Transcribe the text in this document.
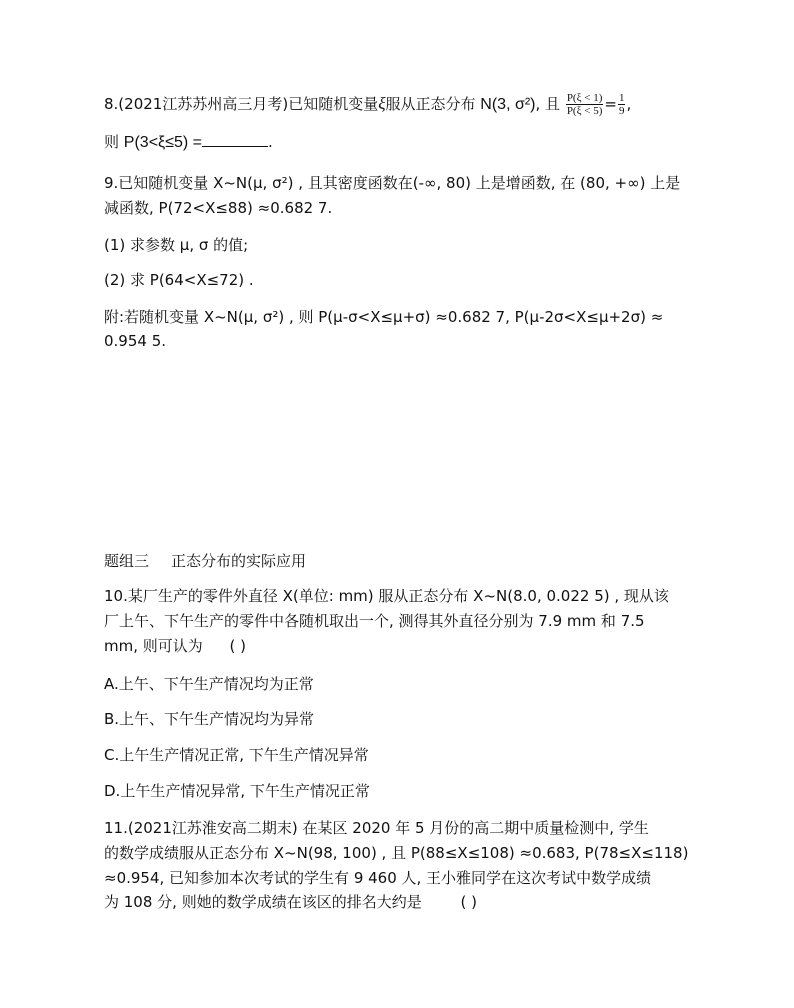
8.(2021江苏苏州高三月考)已知随机变量ξ服从正态分布 N(3, σ²), 且 $\frac{P(\xi < 1)}{P(\xi < 5)} = \frac{1}{9}$ ,
则 P(3<ξ≤5) =	.
9.已知随机变量 X~N(μ, σ²) , 且其密度函数在(-∞, 80) 上是增函数, 在 (80, +∞) 上是
减函数, P(72<X≤88) ≈0.682 7.
(1) 求参数 μ, σ 的值;
(2) 求 P(64<X≤72) .
附:若随机变量 X~N(μ, σ²) , 则 P(μ-σ<X≤μ+σ) ≈0.682 7, P(μ-2σ<X≤μ+2σ) ≈
0.954 5.
题组三 正态分布的实际应用
10.某厂生产的零件外直径 X(单位: mm) 服从正态分布 X~N(8.0, 0.022 5) , 现从该
厂上午、下午生产的零件中各随机取出一个, 测得其外直径分别为 7.9 mm 和 7.5
mm, 则可认为 ( )
A.上午、下午生产情况均为正常
B.上午、下午生产情况均为异常
C.上午生产情况正常, 下午生产情况异常
D.上午生产情况异常, 下午生产情况正常
11.(2021江苏淮安高二期末) 在某区 2020 年 5 月份的高二期中质量检测中, 学生
的数学成绩服从正态分布 X~N(98, 100) , 且 P(88≤X≤108) ≈0.683, P(78≤X≤118)
≈0.954, 已知参加本次考试的学生有 9 460 人, 王小雅同学在这次考试中数学成绩
为 108 分, 则她的数学成绩在该区的排名大约是	( )
